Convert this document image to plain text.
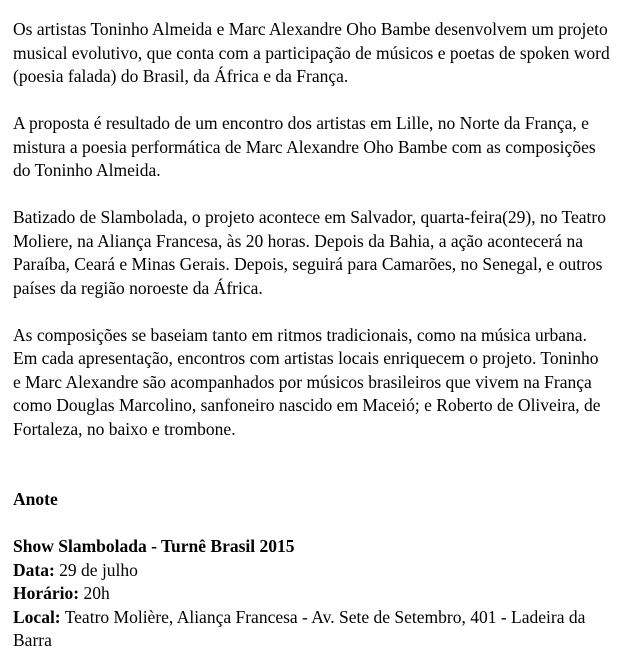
Os artistas Toninho Almeida e Marc Alexandre Oho Bambe desenvolvem um projeto musical evolutivo, que conta com a participação de músicos e poetas de spoken word (poesia falada) do Brasil, da África e da França.

A proposta é resultado de um encontro dos artistas em Lille, no Norte da França, e mistura a poesia performática de Marc Alexandre Oho Bambe com as composições do Toninho Almeida.

Batizado de Slambolada, o projeto acontece em Salvador, quarta-feira(29), no Teatro Moliere, na Aliança Francesa, às 20 horas. Depois da Bahia, a ação acontecerá na Paraíba, Ceará e Minas Gerais. Depois, seguirá para Camarões, no Senegal, e outros países da região noroeste da África.

As composições se baseiam tanto em ritmos tradicionais, como na música urbana. Em cada apresentação, encontros com artistas locais enriquecem o projeto. Toninho e Marc Alexandre são acompanhados por músicos brasileiros que vivem na França como Douglas Marcolino, sanfoneiro nascido em Maceió; e Roberto de Oliveira, de Fortaleza, no baixo e trombone.

Anote
Show Slambolada - Turnê Brasil 2015
Data: 29 de julho
Horário: 20h
Local: Teatro Molière, Aliança Francesa - Av. Sete de Setembro, 401 - Ladeira da Barra
